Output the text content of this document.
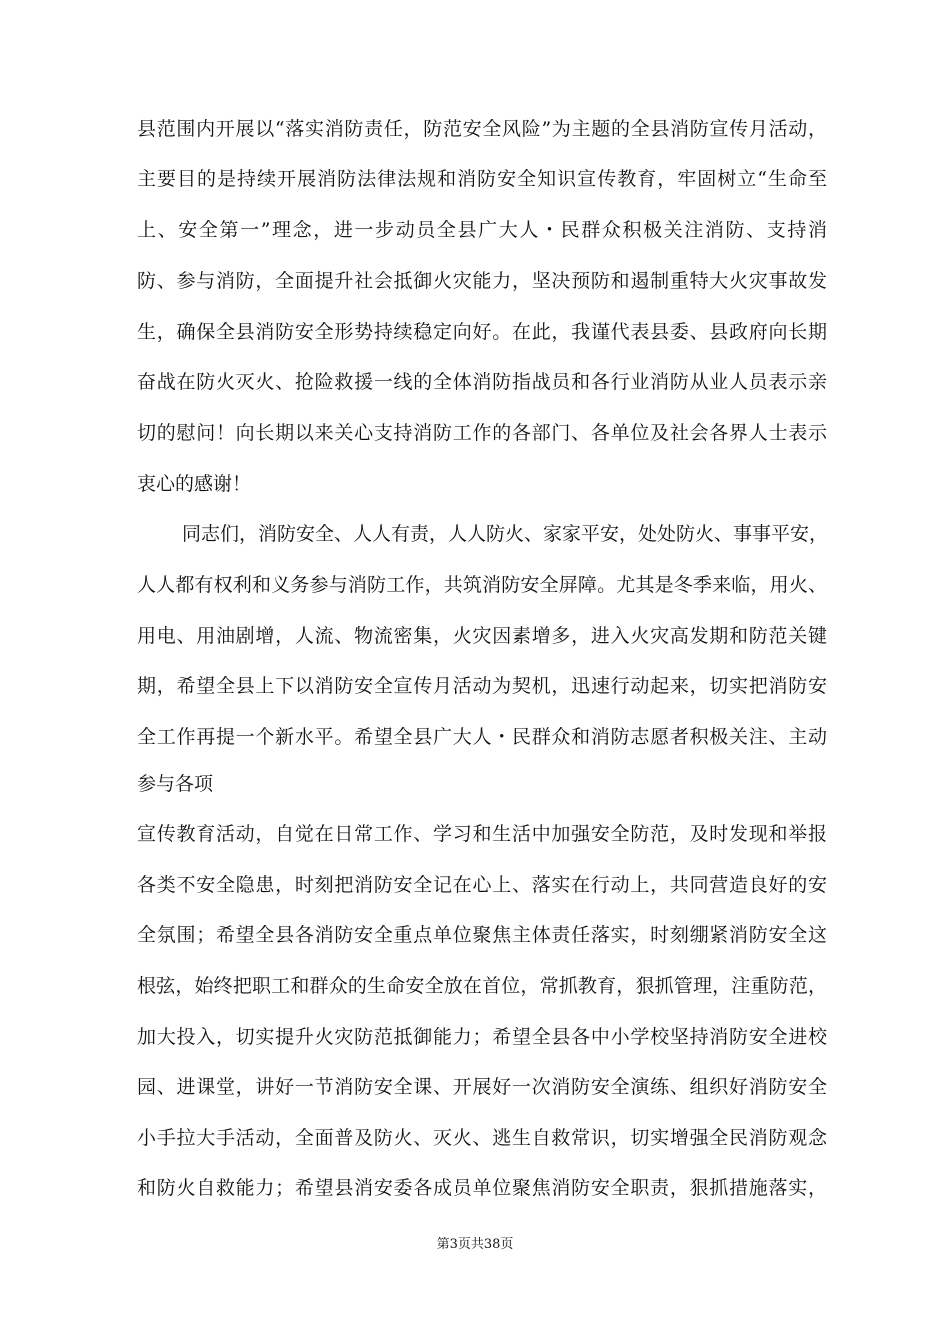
县范围内开展以“落实消防责任，防范安全风险”为主题的全县消防宣传月活动，
主要目的是持续开展消防法律法规和消防安全知识宣传教育，牢固树立“生命至
上、安全第一”理念，进一步动员全县广大人・民群众积极关注消防、支持消
防、参与消防，全面提升社会抵御火灾能力，坚决预防和遏制重特大火灾事故发
生，确保全县消防安全形势持续稳定向好。在此，我谨代表县委、县政府向长期
奋战在防火灭火、抢险救援一线的全体消防指战员和各行业消防从业人员表示亲
切的慰问！向长期以来关心支持消防工作的各部门、各单位及社会各界人士表示
衷心的感谢！
同志们，消防安全、人人有责，人人防火、家家平安，处处防火、事事平安，
人人都有权利和义务参与消防工作，共筑消防安全屏障。尤其是冬季来临，用火、
用电、用油剧增，人流、物流密集，火灾因素增多，进入火灾高发期和防范关键
期，希望全县上下以消防安全宣传月活动为契机，迅速行动起来，切实把消防安
全工作再提一个新水平。希望全县广大人・民群众和消防志愿者积极关注、主动
参与各项
宣传教育活动，自觉在日常工作、学习和生活中加强安全防范，及时发现和举报
各类不安全隐患，时刻把消防安全记在心上、落实在行动上，共同营造良好的安
全氛围；希望全县各消防安全重点单位聚焦主体责任落实，时刻绷紧消防安全这
根弦，始终把职工和群众的生命安全放在首位，常抓教育，狠抓管理，注重防范，
加大投入，切实提升火灾防范抵御能力；希望全县各中小学校坚持消防安全进校
园、进课堂，讲好一节消防安全课、开展好一次消防安全演练、组织好消防安全
小手拉大手活动，全面普及防火、灭火、逃生自救常识，切实增强全民消防观念
和防火自救能力；希望县消安委各成员单位聚焦消防安全职责，狠抓措施落实，
第3页共38页
